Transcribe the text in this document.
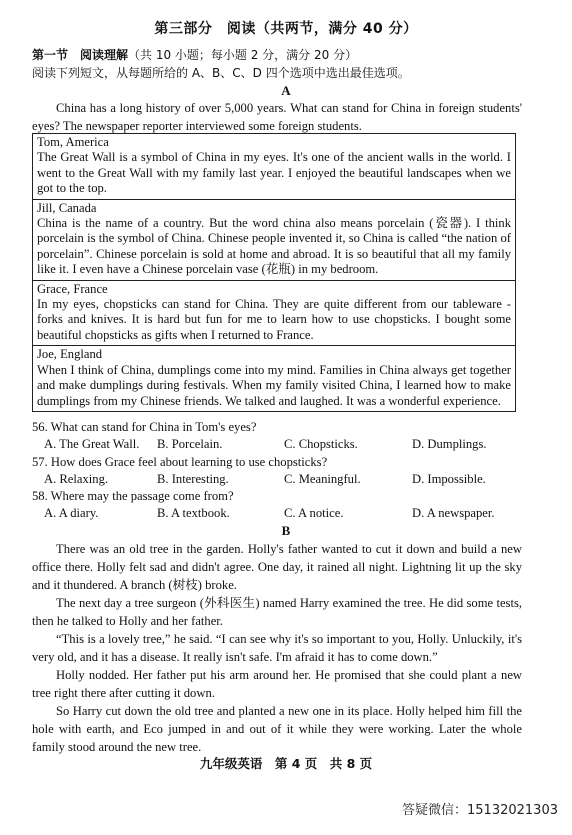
第三部分　阅读（共两节，满分 40 分）
第一节　阅读理解（共 10 小题；每小题 2 分，满分 20 分）
阅读下列短文，从每题所给的 A、B、C、D 四个选项中选出最佳选项。
A
China has a long history of over 5,000 years. What can stand for China in foreign students' eyes? The newspaper reporter interviewed some foreign students.
Tom, America
The Great Wall is a symbol of China in my eyes. It's one of the ancient walls in the world. I went to the Great Wall with my family last year. I enjoyed the beautiful landscapes when we got to the top.
Jill, Canada
China is the name of a country. But the word china also means porcelain (瓷器). I think porcelain is the symbol of China. Chinese people invented it, so China is called “the nation of porcelain”. Chinese porcelain is sold at home and abroad. It is so beautiful that all my family like it. I even have a Chinese porcelain vase (花瓶) in my bedroom.
Grace, France
In my eyes, chopsticks can stand for China. They are quite different from our tableware - forks and knives. It is hard but fun for me to learn how to use chopsticks. I bought some beautiful chopsticks as gifts when I returned to France.
Joe, England
When I think of China, dumplings come into my mind. Families in China always get together and make dumplings during festivals. When my family visited China, I learned how to make dumplings from my Chinese friends. We talked and laughed. It was a wonderful experience.
56. What can stand for China in Tom's eyes?
A. The Great Wall. B. Porcelain.	C. Chopsticks.	D. Dumplings.
57. How does Grace feel about learning to use chopsticks?
A. Relaxing.	B. Interesting.	C. Meaningful.	D. Impossible.
58. Where may the passage come from?
A. A diary.	B. A textbook.	C. A notice.	D. A newspaper.
B
There was an old tree in the garden. Holly's father wanted to cut it down and build a new office there. Holly felt sad and didn't agree. One day, it rained all night. Lightning lit up the sky and it thundered. A branch (树枝) broke.
The next day a tree surgeon (外科医生) named Harry examined the tree. He did some tests, then he talked to Holly and her father.
“This is a lovely tree,” he said. “I can see why it's so important to you, Holly. Unluckily, it's very old, and it has a disease. It really isn't safe. I'm afraid it has to come down.”
Holly nodded. Her father put his arm around her. He promised that she could plant a new tree right there after cutting it down.
So Harry cut down the old tree and planted a new one in its place. Holly helped him fill the hole with earth, and Eco jumped in and out of it while they were working. Later the whole family stood around the new tree.
九年级英语　第 4 页　共 8 页
答疑微信：15132021303
